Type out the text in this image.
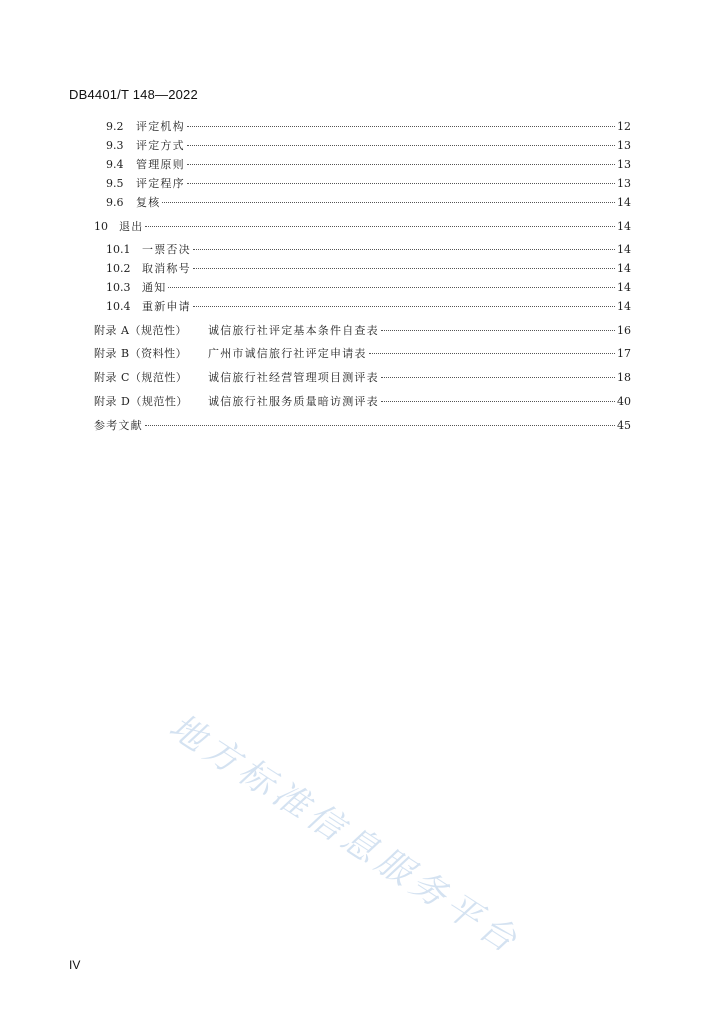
DB4401/T 148—2022
9.2	评定机构	12
9.3	评定方式	13
9.4	管理原则	13
9.5	评定程序	13
9.6	复核	14
10	退出	14
10.1	一票否决	14
10.2	取消称号	14
10.3	通知	14
10.4	重新申请	14
附录 A（规范性）	诚信旅行社评定基本条件自查表	16
附录 B（资料性）	广州市诚信旅行社评定申请表	17
附录 C（规范性）	诚信旅行社经营管理项目测评表	18
附录 D（规范性）	诚信旅行社服务质量暗访测评表	40
参考文献	45
地方标准信息服务平台
IV
